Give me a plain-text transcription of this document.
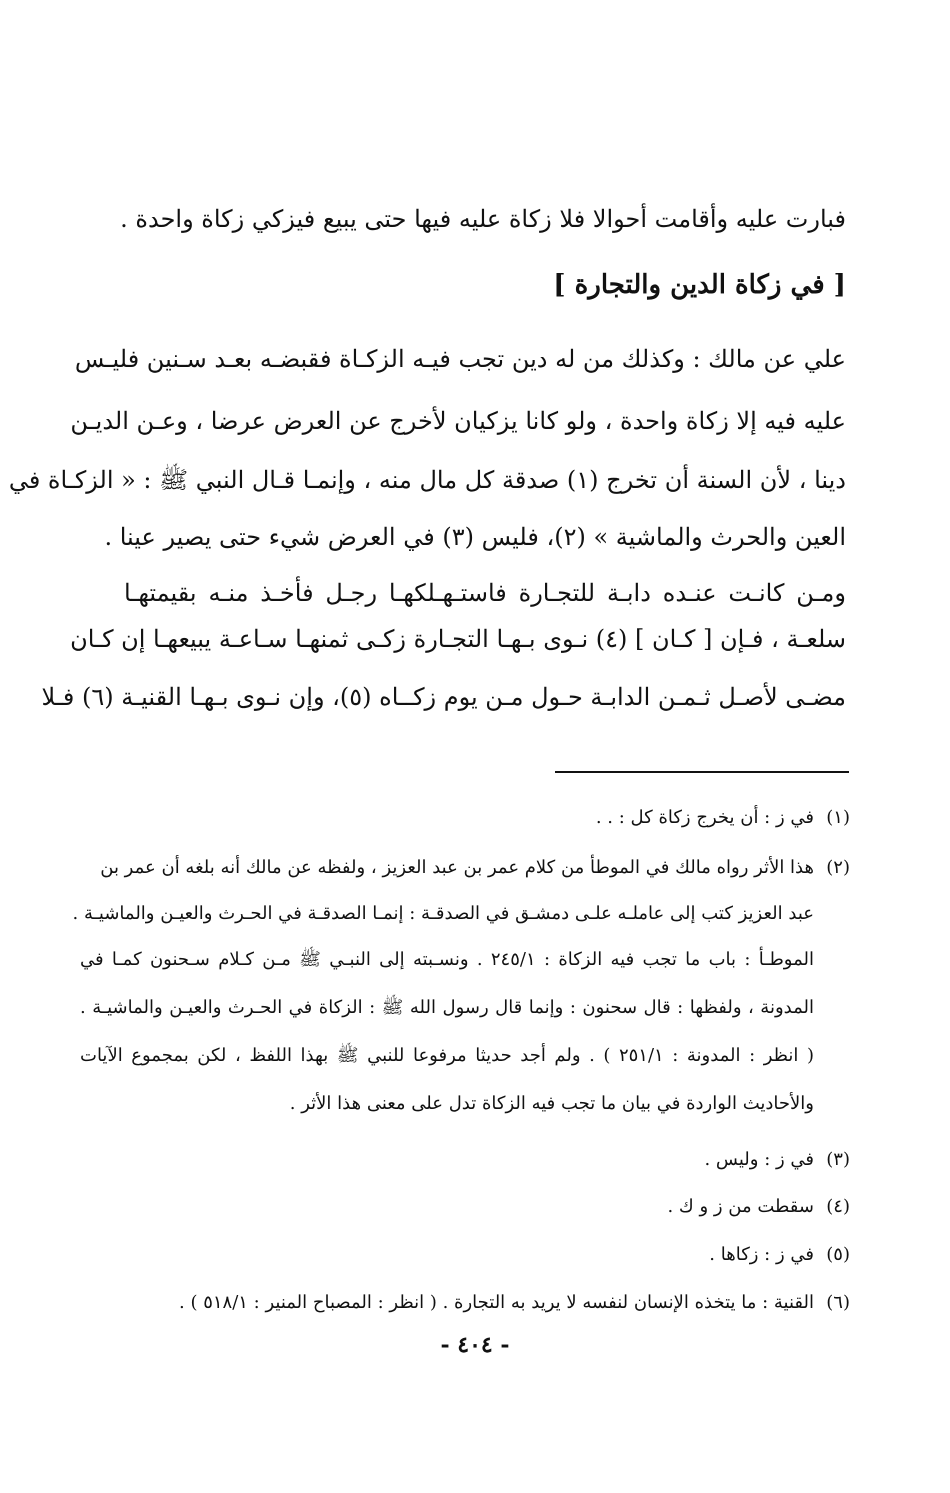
فبارت عليه وأقامت أحوالا فلا زكاة عليه فيها حتى يبيع فيزكي زكاة واحدة .
[ في زكاة الدين والتجارة ]
علي عن مالك : وكذلك من له دين تجب فيـه الزكـاة فقبضـه بعـد سـنين فليـس
عليه فيه إلا زكاة واحدة ، ولو كانا يزكيان لأخرج عن العرض عرضا ، وعـن الديـن
دينا ، لأن السنة أن تخرج (١) صدقة كل مال منه ، وإنمـا قـال النبي ﷺ : « الزكـاة في
العين والحرث والماشية » (٢)، فليس (٣) في العرض شيء حتى يصير عينا .
ومـن كانـت عنـده دابـة للتجـارة فاستـهـلكهـا رجـل فأخـذ منـه بقيمتهـا
سلعـة ، فـإن [ كـان ] (٤) نـوى بـهـا التجـارة زكـى ثمنهـا سـاعـة يبيعهـا إن كـان
مضـى لأصـل ثـمـن الدابـة حـول مـن يوم زكــاه (٥)، وإن نـوى بـهـا القنيـة (٦) فـلا
(١)في ز : أن يخرج زكاة كل : . .
(٢)هذا الأثر رواه مالك في الموطأ من كلام عمر بن عبد العزيز ، ولفظه عن مالك أنه بلغه أن عمر بن
عبد العزيز كتب إلى عاملـه علـى دمشـق في الصدقـة : إنمـا الصدقـة في الحـرث والعيـن والماشيـة .
الموطـأ : باب ما تجب فيه الزكاة : ٢٤٥/١ . ونسـبته إلى النبـي ﷺ مـن كـلام سـحنون كمـا في
المدونة ، ولفظها : قال سحنون : وإنما قال رسول الله ﷺ : الزكاة في الحـرث والعيـن والماشيـة .
( انظر : المدونة : ٢٥١/١ ) . ولم أجد حديثا مرفوعا للنبي ﷺ بهذا اللفظ ، لكن بمجموع الآيات
والأحاديث الواردة في بيان ما تجب فيه الزكاة تدل على معنى هذا الأثر .
(٣)في ز : وليس .
(٤)سقطت من ز و ك .
(٥)في ز : زكاها .
(٦)القنية : ما يتخذه الإنسان لنفسه لا يريد به التجارة . ( انظر : المصباح المنير : ٥١٨/١ ) .
- ٤٠٤ -
